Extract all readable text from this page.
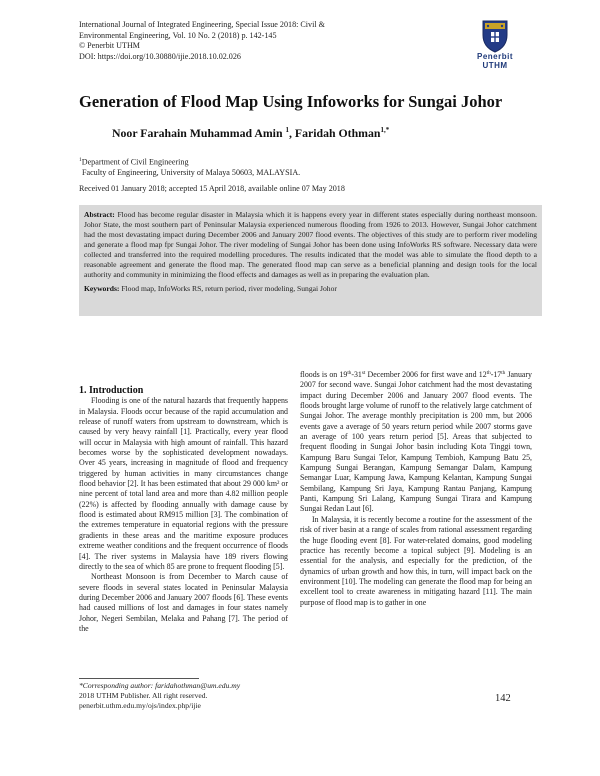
International Journal of Integrated Engineering, Special Issue 2018: Civil &
Environmental Engineering, Vol. 10 No. 2 (2018) p. 142-145
© Penerbit UTHM
DOI: https://doi.org/10.30880/ijie.2018.10.02.026	Penerbit UTHM
Generation of Flood Map Using Infoworks for Sungai Johor
Noor Farahain Muhammad Amin $^1$, Faridah Othman$^{1,*}$
$^1$Department of Civil Engineering
Faculty of Engineering, University of Malaya 50603, MALAYSIA.
Received 01 January 2018; accepted 15 April 2018, available online 07 May 2018
Abstract: Flood has become regular disaster in Malaysia which it is happens every year in different states especially during northeast monsoon. Johor State, the most southern part of Peninsular Malaysia experienced numerous flooding from 1926 to 2013. However, Sungai Johor catchment had the most devastating impact during December 2006 and January 2007 flood events. The objectives of this study are to perform river modeling and generate a flood map fpr Sungai Johor. The river modeling of Sungai Johor has been done using InfoWorks RS software. Necessary data were collected and transferred into the required modelling procedures. The results indicated that the model was able to simulate the flood depth to a reasonable agreement and generate the flood map. The generated flood map can serve as a beneficial planning and design tools for the local authority and community in minimizing the flood effects and damages as well as in preparing the evaluation plan.
Keywords: Flood map, InfoWorks RS, return period, river modeling, Sungai Johor

1. Introduction

Flooding is one of the natural hazards that frequently happens in Malaysia. Floods occur because of the rapid accumulation and release of runoff waters from upstream to downstream, which is caused by very heavy rainfall [1]. Practically, every year flood will occur in Malaysia with high amount of rainfall. This hazard becomes worse by the sophisticated development nowadays. Over 45 years, increasing in magnitude of flood and frequency triggered by human activities in many circumstances change flood behavior [2]. It has been estimated that about 29 000 km² or nine percent of total land area and more than 4.82 million people (22%) is affected by flooding annually with damage cause by flood is estimated about RM915 million [3]. The combination of the extremes temperature in equatorial regions with the pressure gradients in these areas and the maritime exposure produces extreme weather conditions and the frequent occurrence of floods [4]. The river systems in Malaysia have 189 rivers flowing directly to the sea of which 85 are prone to frequent flooding [5].

Northeast Monsoon is from December to March cause of severe floods in several states located in Peninsular Malaysia during December 2006 and January 2007 floods [6]. These events had caused millions of lost and damages in four states namely Johor, Negeri Sembilan, Melaka and Pahang [7]. The period of the

floods is on 19th-31st December 2006 for first wave and 12th-17th January 2007 for second wave. Sungai Johor catchment had the most devastating impact during December 2006 and January 2007 flood events. The floods brought large volume of runoff to the relatively large catchment of Sungai Johor. The average monthly precipitation is 200 mm, but 2006 events gave a average of 50 years return period while 2007 storms gave an average of 100 years return period [5]. Areas that subjected to frequent flooding in Sungai Johor basin including Kota Tinggi town, Kampung Baru Sungai Telor, Kampung Tembioh, Kampung Batu 25, Kampung Sungai Berangan, Kampung Semangar Dalam, Kampung Semangar Luar, Kampung Jawa, Kampung Kelantan, Kampung Sungai Sembilang, Kampung Sri Jaya, Kampung Rantau Panjang, Kampung Panti, Kampung Sri Lalang, Kampung Sungai Tirara and Kampung Sungai Redan Laut [6].

In Malaysia, it is recently become a routine for the assessment of the risk of river basin at a range of scales from rational assessment regarding the huge flooding event [8]. For water-related domains, good modeling practice has recently become a topical subject [9]. Modeling is an essential for the analysis, and especially for the prediction, of the dynamics of urban growth and how this, in turn, will impact back on the environment [10]. The modeling can generate the flood map for being an excellent tool to create awareness in mitigating hazard [11]. The main purpose of flood map is to gather in one

*Corresponding author: faridahothman@um.edu.my
2018 UTHM Publisher. All right reserved.
penerbit.uthm.edu.my/ojs/index.php/ijie
142
